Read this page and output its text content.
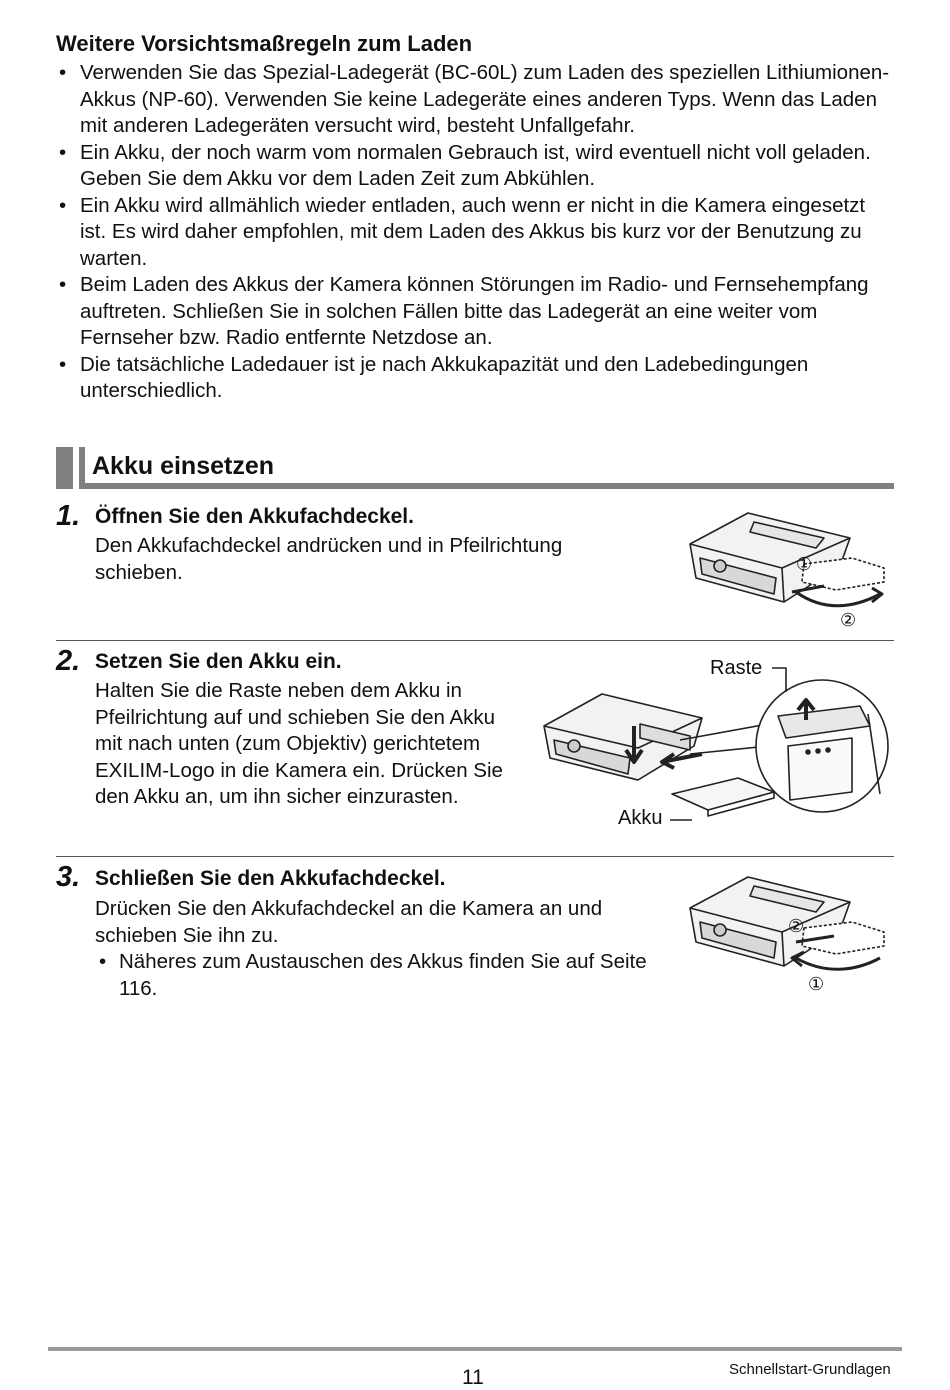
Weitere Vorsichtsmaßregeln zum Laden
• Verwenden Sie das Spezial-Ladegerät (BC-60L) zum Laden des speziellen Lithiumionen-Akkus (NP-60). Verwenden Sie keine Ladegeräte eines anderen Typs. Wenn das Laden mit anderen Ladegeräten versucht wird, besteht Unfallgefahr.
• Ein Akku, der noch warm vom normalen Gebrauch ist, wird eventuell nicht voll geladen. Geben Sie dem Akku vor dem Laden Zeit zum Abkühlen.
• Ein Akku wird allmählich wieder entladen, auch wenn er nicht in die Kamera eingesetzt ist. Es wird daher empfohlen, mit dem Laden des Akkus bis kurz vor der Benutzung zu warten.
• Beim Laden des Akkus der Kamera können Störungen im Radio- und Fernsehempfang auftreten. Schließen Sie in solchen Fällen bitte das Ladegerät an eine weiter vom Fernseher bzw. Radio entfernte Netzdose an.
• Die tatsächliche Ladedauer ist je nach Akkukapazität und den Ladebedingungen unterschiedlich.
Akku einsetzen
1. Öffnen Sie den Akkufachdeckel.

Den Akkufachdeckel andrücken und in Pfeilrichtung schieben.	①
②
2. Setzen Sie den Akku ein.

Halten Sie die Raste neben dem Akku in Pfeilrichtung auf und schieben Sie den Akku mit nach unten (zum Objektiv) gerichtetem EXILIM-Logo in die Kamera ein. Drücken Sie den Akku an, um ihn sicher einzurasten.

Raste
Akku
3. Schließen Sie den Akkufachdeckel.

Drücken Sie den Akkufachdeckel an die Kamera an und schieben Sie ihn zu.

• Näheres zum Austauschen des Akkus finden Sie auf Seite 116.
②
①
11	Schnellstart-Grundlagen
